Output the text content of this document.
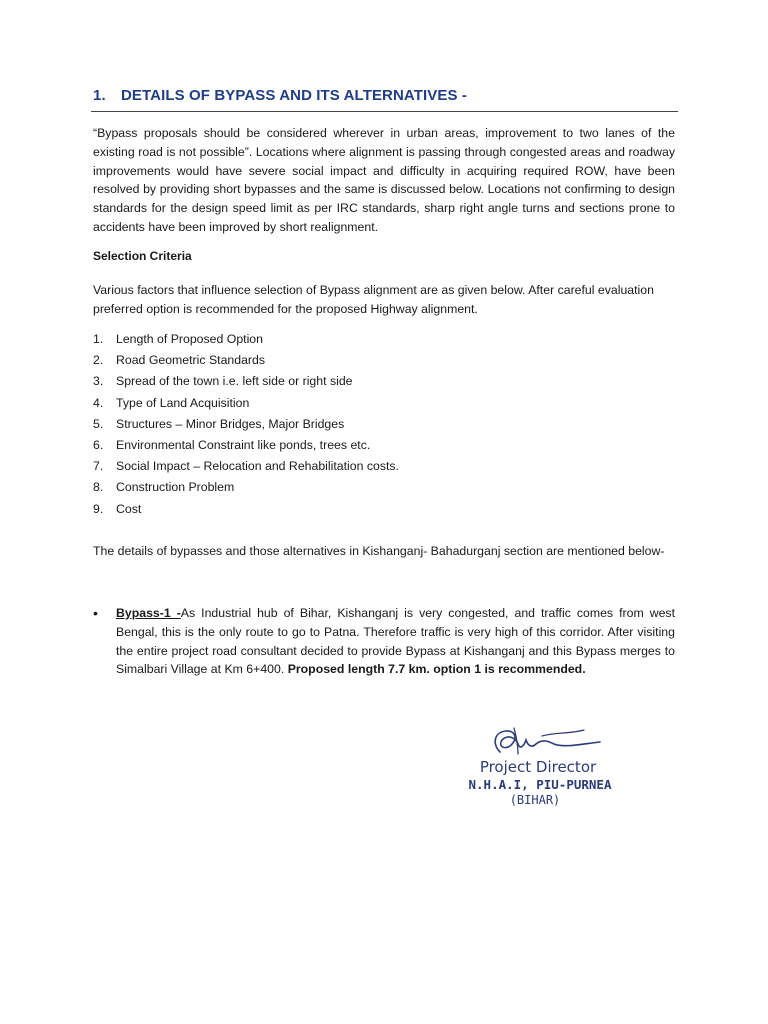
1. DETAILS OF BYPASS AND ITS ALTERNATIVES -

“Bypass proposals should be considered wherever in urban areas, improvement to two lanes of the existing road is not possible”. Locations where alignment is passing through congested areas and roadway improvements would have severe social impact and difficulty in acquiring required ROW, have been resolved by providing short bypasses and the same is discussed below. Locations not confirming to design standards for the design speed limit as per IRC standards, sharp right angle turns and sections prone to accidents have been improved by short realignment.

Selection Criteria

Various factors that influence selection of Bypass alignment are as given below. After careful evaluation preferred option is recommended for the proposed Highway alignment.

1. Length of Proposed Option
2. Road Geometric Standards
3. Spread of the town i.e. left side or right side
4. Type of Land Acquisition
5. Structures – Minor Bridges, Major Bridges
6. Environmental Constraint like ponds, trees etc.
7. Social Impact – Relocation and Rehabilitation costs.
8. Construction Problem
9. Cost

The details of bypasses and those alternatives in Kishanganj- Bahadurganj section are mentioned below-

• Bypass-1 -As Industrial hub of Bihar, Kishanganj is very congested, and traffic comes from west Bengal, this is the only route to go to Patna. Therefore traffic is very high of this corridor. After visiting the entire project road consultant decided to provide Bypass at Kishanganj and this Bypass merges to Simalbari Village at Km 6+400. Proposed length 7.7 km. option 1 is recommended.

Project Director

N.H.A.I, PIU-PURNEA

(BIHAR)
